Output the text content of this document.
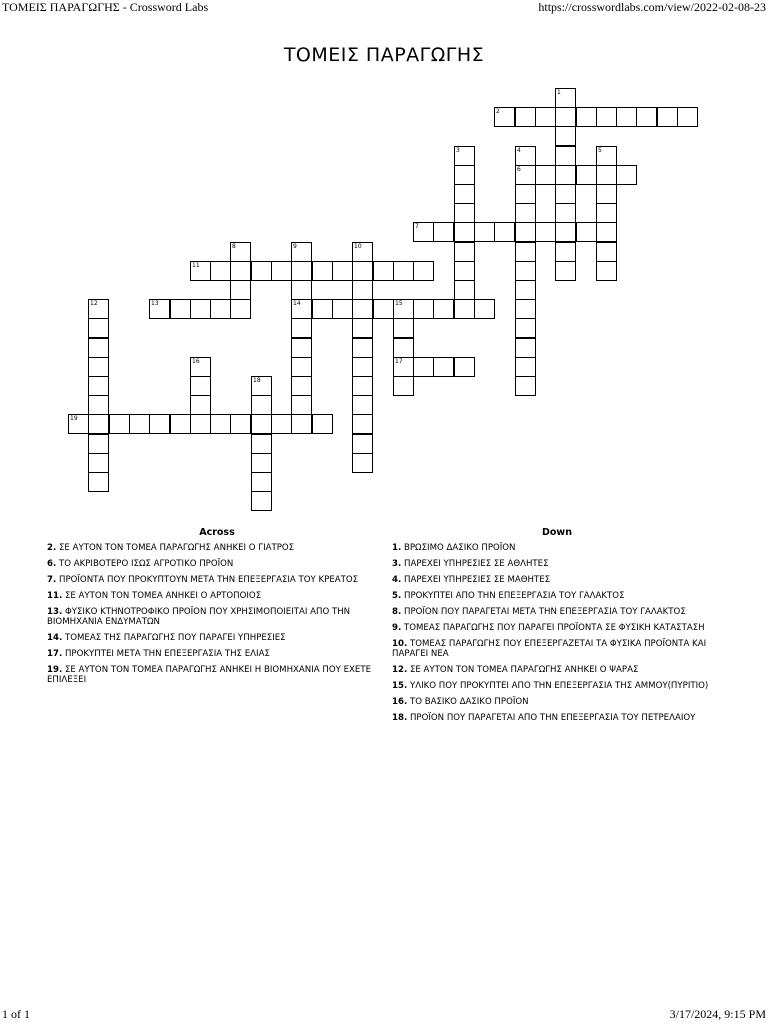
ΤΟΜΕΙΣ ΠΑΡΑΓΩΓΗΣ - Crossword Labs	https://crosswordlabs.com/view/2022-02-08-23
ΤΟΜΕΙΣ ΠΑΡΑΓΩΓΗΣ
1
2
3	4
6
5
7
8	9
14
10
11
12	13	15
17
16
18
19
Across
2. ΣΕ ΑΥΤΟΝ ΤΟΝ ΤΟΜΕΑ ΠΑΡΑΓΩΓΗΣ ΑΝΗΚΕΙ Ο ΓΙΑΤΡΟΣ
6. ΤΟ ΑΚΡΙΒΟΤΕΡΟ ΙΣΩΣ ΑΓΡΟΤΙΚΟ ΠΡΟΪΟΝ
7. ΠΡΟΪΟΝΤΑ ΠΟΥ ΠΡΟΚΥΠΤΟΥΝ ΜΕΤΑ ΤΗΝ ΕΠΕΞΕΡΓΑΣΙΑ ΤΟΥ ΚΡΕΑΤΟΣ
11. ΣΕ ΑΥΤΟΝ ΤΟΝ ΤΟΜΕΑ ΑΝΗΚΕΙ Ο ΑΡΤΟΠΟΙΟΣ
13. ΦΥΣΙΚΟ ΚΤΗΝΟΤΡΟΦΙΚΟ ΠΡΟΪΟΝ ΠΟΥ ΧΡΗΣΙΜΟΠΟΙΕΙΤΑΙ ΑΠΟ ΤΗΝ ΒΙΟΜΗΧΑΝΙΑ ΕΝΔΥΜΑΤΩΝ
14. ΤΟΜΕΑΣ ΤΗΣ ΠΑΡΑΓΩΓΗΣ ΠΟΥ ΠΑΡΑΓΕΙ ΥΠΗΡΕΣΙΕΣ
17. ΠΡΟΚΥΠΤΕΙ ΜΕΤΑ ΤΗΝ ΕΠΕΞΕΡΓΑΣΙΑ ΤΗΣ ΕΛΙΑΣ
19. ΣΕ ΑΥΤΟΝ ΤΟΝ ΤΟΜΕΑ ΠΑΡΑΓΩΓΗΣ ΑΝΗΚΕΙ Η ΒΙΟΜΗΧΑΝΙΑ ΠΟΥ ΕΧΕΤΕ ΕΠΙΛΕΞΕΙ
Down
1. ΒΡΩΣΙΜΟ ΔΑΣΙΚΟ ΠΡΟΪΟΝ
3. ΠΑΡΕΧΕΙ ΥΠΗΡΕΣΙΕΣ ΣΕ ΑΘΛΗΤΕΣ
4. ΠΑΡΕΧΕΙ ΥΠΗΡΕΣΙΕΣ ΣΕ ΜΑΘΗΤΕΣ
5. ΠΡΟΚΥΠΤΕΙ ΑΠΟ ΤΗΝ ΕΠΕΞΕΡΓΑΣΙΑ ΤΟΥ ΓΑΛΑΚΤΟΣ
8. ΠΡΟΪΟΝ ΠΟΥ ΠΑΡΑΓΕΤΑΙ ΜΕΤΑ ΤΗΝ ΕΠΕΞΕΡΓΑΣΙΑ ΤΟΥ ΓΑΛΑΚΤΟΣ
9. ΤΟΜΕΑΣ ΠΑΡΑΓΩΓΗΣ ΠΟΥ ΠΑΡΑΓΕΙ ΠΡΟΪΟΝΤΑ ΣΕ ΦΥΣΙΚΗ ΚΑΤΑΣΤΑΣΗ
10. ΤΟΜΕΑΣ ΠΑΡΑΓΩΓΗΣ ΠΟΥ ΕΠΕΞΕΡΓΑΖΕΤΑΙ ΤΑ ΦΥΣΙΚΑ ΠΡΟΪΟΝΤΑ ΚΑΙ ΠΑΡΑΓΕΙ ΝΕΑ
12. ΣΕ ΑΥΤΟΝ ΤΟΝ ΤΟΜΕΑ ΠΑΡΑΓΩΓΗΣ ΑΝΗΚΕΙ Ο ΨΑΡΑΣ
15. ΥΛΙΚΟ ΠΟΥ ΠΡΟΚΥΠΤΕΙ ΑΠΟ ΤΗΝ ΕΠΕΞΕΡΓΑΣΙΑ ΤΗΣ ΑΜΜΟΥ(ΠΥΡΙΤΙΟ)
16. ΤΟ ΒΑΣΙΚΟ ΔΑΣΙΚΟ ΠΡΟΪΟΝ
18. ΠΡΟΪΟΝ ΠΟΥ ΠΑΡΑΓΕΤΑΙ ΑΠΟ ΤΗΝ ΕΠΕΞΕΡΓΑΣΙΑ ΤΟΥ ΠΕΤΡΕΛΑΙΟΥ
1 of 1	3/17/2024, 9:15 PM
